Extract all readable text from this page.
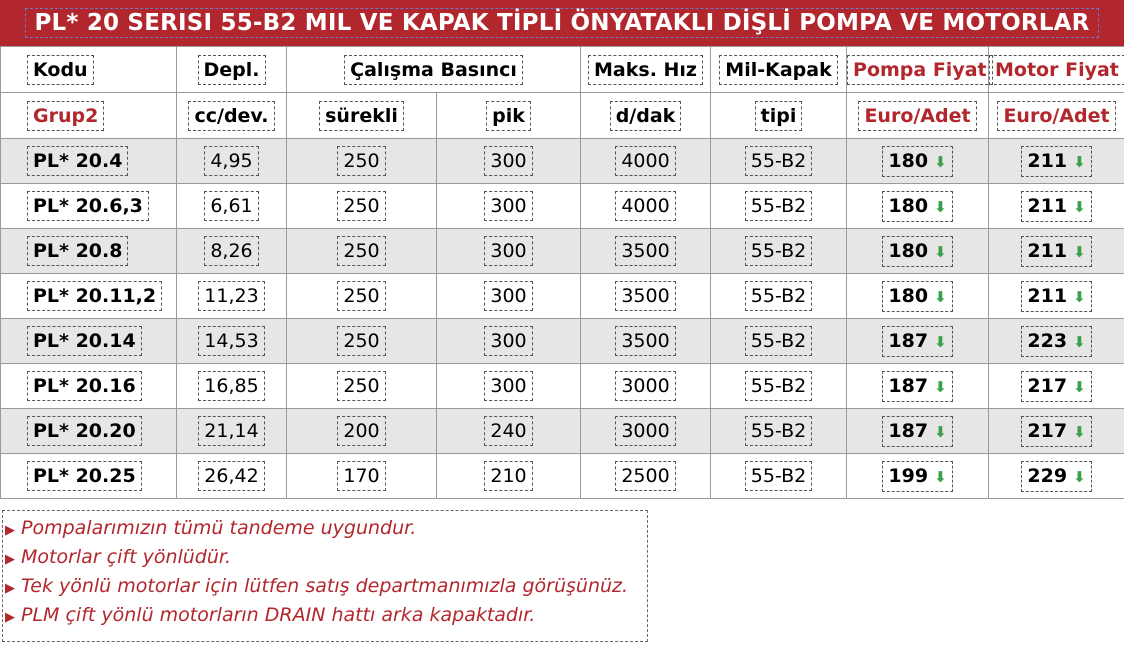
PL* 20 SERISI 55-B2 MIL VE KAPAK TİPLİ ÖNYATAKLI DİŞLİ POMPA VE MOTORLAR
Kodu	Depl.	Çalışma Basıncı		Maks. Hız	Mil-Kapak	Pompa Fiyat	Motor Fiyat
Grup2	cc/dev.	sürekli	pik	d/dak	tipi	Euro/Adet	Euro/Adet
PL* 20.4	4,95	250	300	4000	55-B2	180 ⬇	211 ⬇
PL* 20.6,3	6,61	250	300	4000	55-B2	180 ⬇	211 ⬇
PL* 20.8	8,26	250	300	3500	55-B2	180 ⬇	211 ⬇
PL* 20.11,2	11,23	250	300	3500	55-B2	180 ⬇	211 ⬇
PL* 20.14	14,53	250	300	3500	55-B2	187 ⬇	223 ⬇
PL* 20.16	16,85	250	300	3000	55-B2	187 ⬇	217 ⬇
PL* 20.20	21,14	200	240	3000	55-B2	187 ⬇	217 ⬇
PL* 20.25	26,42	170	210	2500	55-B2	199 ⬇	229 ⬇
▶ Pompalarımızın tümü tandeme uygundur.
▶ Motorlar çift yönlüdür.
▶ Tek yönlü motorlar için lütfen satış departmanımızla görüşünüz.
▶ PLM çift yönlü motorların DRAIN hattı arka kapaktadır.
